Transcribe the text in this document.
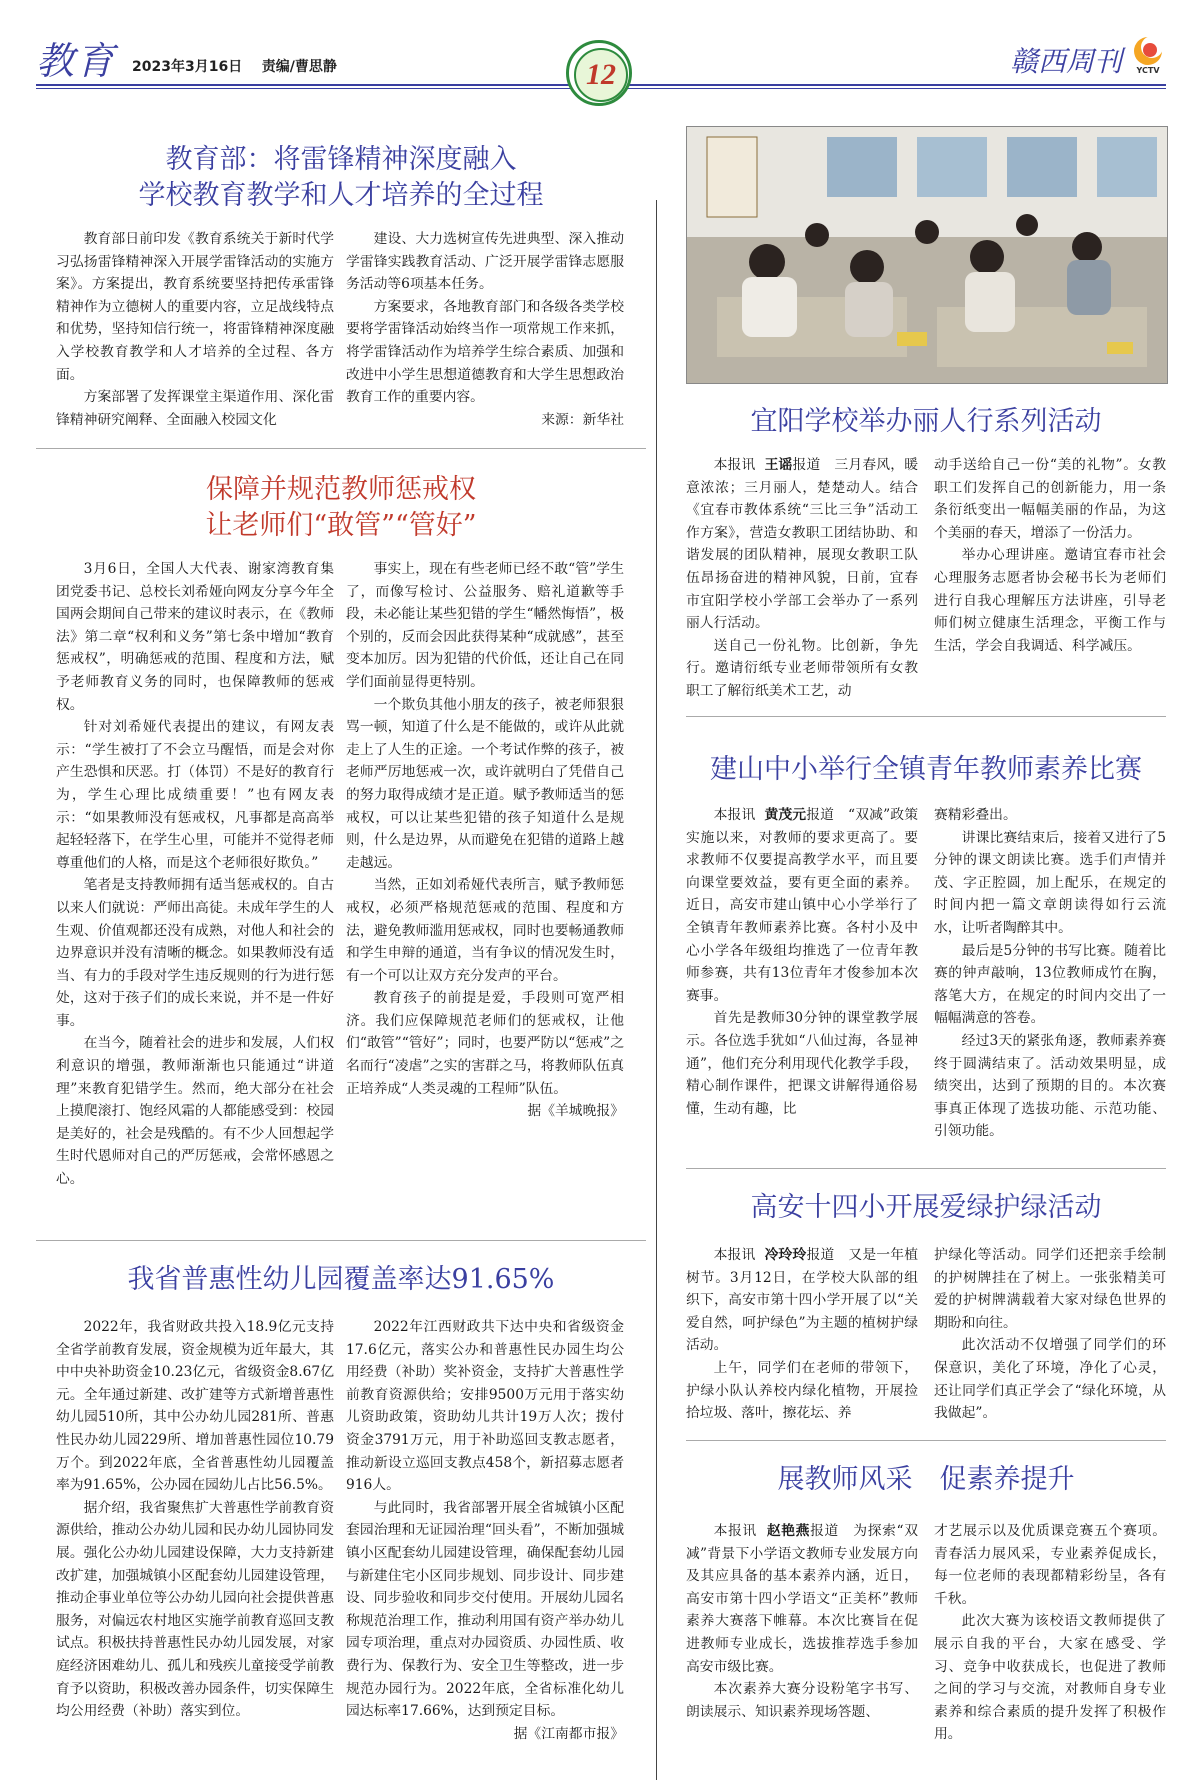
教育 2023年3月16日 责编/曹思静	12	赣西周刊	YCTV
教育部：将雷锋精神深度融入
学校教育教学和人才培养的全过程

教育部日前印发《教育系统关于新时代学习弘扬雷锋精神深入开展学雷锋活动的实施方案》。方案提出，教育系统要坚持把传承雷锋精神作为立德树人的重要内容，立足战线特点和优势，坚持知信行统一，将雷锋精神深度融入学校教育教学和人才培养的全过程、各方面。

方案部署了发挥课堂主渠道作用、深化雷锋精神研究阐释、全面融入校园文化

建设、大力选树宣传先进典型、深入推动学雷锋实践教育活动、广泛开展学雷锋志愿服务活动等6项基本任务。

方案要求，各地教育部门和各级各类学校要将学雷锋活动始终当作一项常规工作来抓，将学雷锋活动作为培养学生综合素质、加强和改进中小学生思想道德教育和大学生思想政治教育工作的重要内容。

来源：新华社

保障并规范教师惩戒权
让老师们“敢管”“管好”

3月6日，全国人大代表、谢家湾教育集团党委书记、总校长刘希娅向网友分享今年全国两会期间自己带来的建议时表示，在《教师法》第二章“权利和义务”第七条中增加“教育惩戒权”，明确惩戒的范围、程度和方法，赋予老师教育义务的同时，也保障教师的惩戒权。

针对刘希娅代表提出的建议，有网友表示：“学生被打了不会立马醒悟，而是会对你产生恐惧和厌恶。打（体罚）不是好的教育行为，学生心理比成绩重要！”也有网友表示：“如果教师没有惩戒权，凡事都是高高举起轻轻落下，在学生心里，可能并不觉得老师尊重他们的人格，而是这个老师很好欺负。”

笔者是支持教师拥有适当惩戒权的。自古以来人们就说：严师出高徒。未成年学生的人生观、价值观都还没有成熟，对他人和社会的边界意识并没有清晰的概念。如果教师没有适当、有力的手段对学生违反规则的行为进行惩处，这对于孩子们的成长来说，并不是一件好事。

在当今，随着社会的进步和发展，人们权利意识的增强，教师渐渐也只能通过“讲道理”来教育犯错学生。然而，绝大部分在社会上摸爬滚打、饱经风霜的人都能感受到：校园是美好的，社会是残酷的。有不少人回想起学生时代恩师对自己的严厉惩戒，会常怀感恩之心。

事实上，现在有些老师已经不敢“管”学生了，而像写检讨、公益服务、赔礼道歉等手段，未必能让某些犯错的学生“幡然悔悟”，极个别的，反而会因此获得某种“成就感”，甚至变本加厉。因为犯错的代价低，还让自己在同学们面前显得更特别。

一个欺负其他小朋友的孩子，被老师狠狠骂一顿，知道了什么是不能做的，或许从此就走上了人生的正途。一个考试作弊的孩子，被老师严厉地惩戒一次，或许就明白了凭借自己的努力取得成绩才是正道。赋予教师适当的惩戒权，可以让某些犯错的孩子知道什么是规则，什么是边界，从而避免在犯错的道路上越走越远。

当然，正如刘希娅代表所言，赋予教师惩戒权，必须严格规范惩戒的范围、程度和方法，避免教师滥用惩戒权，同时也要畅通教师和学生申辩的通道，当有争议的情况发生时，有一个可以让双方充分发声的平台。

教育孩子的前提是爱，手段则可宽严相济。我们应保障规范老师们的惩戒权，让他们“敢管”“管好”；同时，也要严防以“惩戒”之名而行“凌虐”之实的害群之马，将教师队伍真正培养成“人类灵魂的工程师”队伍。

据《羊城晚报》

我省普惠性幼儿园覆盖率达91.65%

2022年，我省财政共投入18.9亿元支持全省学前教育发展，资金规模为近年最大，其中中央补助资金10.23亿元，省级资金8.67亿元。全年通过新建、改扩建等方式新增普惠性幼儿园510所，其中公办幼儿园281所、普惠性民办幼儿园229所、增加普惠性园位10.79万个。到2022年底，全省普惠性幼儿园覆盖率为91.65%，公办园在园幼儿占比56.5%。

据介绍，我省聚焦扩大普惠性学前教育资源供给，推动公办幼儿园和民办幼儿园协同发展。强化公办幼儿园建设保障，大力支持新建改扩建，加强城镇小区配套幼儿园建设管理，推动企事业单位等公办幼儿园向社会提供普惠服务，对偏远农村地区实施学前教育巡回支教试点。积极扶持普惠性民办幼儿园发展，对家庭经济困难幼儿、孤儿和残疾儿童接受学前教育予以资助，积极改善办园条件，切实保障生均公用经费（补助）落实到位。

2022年江西财政共下达中央和省级资金17.6亿元，落实公办和普惠性民办园生均公用经费（补助）奖补资金，支持扩大普惠性学前教育资源供给；安排9500万元用于落实幼儿资助政策，资助幼儿共计19万人次；拨付资金3791万元，用于补助巡回支教志愿者，推动新设立巡回支教点458个，新招募志愿者916人。

与此同时，我省部署开展全省城镇小区配套园治理和无证园治理“回头看”，不断加强城镇小区配套幼儿园建设管理，确保配套幼儿园与新建住宅小区同步规划、同步设计、同步建设、同步验收和同步交付使用。开展幼儿园名称规范治理工作，推动利用国有资产举办幼儿园专项治理，重点对办园资质、办园性质、收费行为、保教行为、安全卫生等整改，进一步规范办园行为。2022年底，全省标准化幼儿园达标率17.66%，达到预定目标。

据《江南都市报》

宜阳学校举办丽人行系列活动

本报讯 王谣报道　三月春风，暖意浓浓；三月丽人，楚楚动人。结合《宜春市教体系统“三比三争”活动工作方案》，营造女教职工团结协助、和谐发展的团队精神，展现女教职工队伍昂扬奋进的精神风貌，日前，宜春市宜阳学校小学部工会举办了一系列丽人行活动。

送自己一份礼物。比创新，争先行。邀请衍纸专业老师带领所有女教职工了解衍纸美术工艺，动

动手送给自己一份“美的礼物”。女教职工们发挥自己的创新能力，用一条条衍纸变出一幅幅美丽的作品，为这个美丽的春天，增添了一份活力。

举办心理讲座。邀请宜春市社会心理服务志愿者协会秘书长为老师们进行自我心理解压方法讲座，引导老师们树立健康生活理念，平衡工作与生活，学会自我调适、科学减压。

建山中小举行全镇青年教师素养比赛

本报讯 黄茂元报道　“双减”政策实施以来，对教师的要求更高了。要求教师不仅要提高教学水平，而且要向课堂要效益，要有更全面的素养。近日，高安市建山镇中心小学举行了全镇青年教师素养比赛。各村小及中心小学各年级组均推选了一位青年教师参赛，共有13位青年才俊参加本次赛事。

首先是教师30分钟的课堂教学展示。各位选手犹如“八仙过海，各显神通”，他们充分利用现代化教学手段，精心制作课件，把课文讲解得通俗易懂，生动有趣，比

赛精彩叠出。

讲课比赛结束后，接着又进行了5分钟的课文朗读比赛。选手们声情并茂、字正腔圆，加上配乐，在规定的时间内把一篇文章朗读得如行云流水，让听者陶醉其中。

最后是5分钟的书写比赛。随着比赛的钟声敲响，13位教师成竹在胸，落笔大方，在规定的时间内交出了一幅幅满意的答卷。

经过3天的紧张角逐，教师素养赛终于圆满结束了。活动效果明显，成绩突出，达到了预期的目的。本次赛事真正体现了选拔功能、示范功能、引领功能。

高安十四小开展爱绿护绿活动

本报讯 冷玲玲报道　又是一年植树节。3月12日，在学校大队部的组织下，高安市第十四小学开展了以“关爱自然，呵护绿色”为主题的植树护绿活动。

上午，同学们在老师的带领下，护绿小队认养校内绿化植物，开展捡拾垃圾、落叶，擦花坛、养

护绿化等活动。同学们还把亲手绘制的护树牌挂在了树上。一张张精美可爱的护树牌满载着大家对绿色世界的期盼和向往。

此次活动不仅增强了同学们的环保意识，美化了环境，净化了心灵，还让同学们真正学会了“绿化环境，从我做起”。

展教师风采　促素养提升

本报讯 赵艳燕报道　为探索“双减”背景下小学语文教师专业发展方向及其应具备的基本素养内涵，近日，高安市第十四小学语文“正美杯”教师素养大赛落下帷幕。本次比赛旨在促进教师专业成长，选拔推荐选手参加高安市级比赛。

本次素养大赛分设粉笔字书写、朗读展示、知识素养现场答题、

才艺展示以及优质课竞赛五个赛项。青春活力展风采，专业素养促成长，每一位老师的表现都精彩纷呈，各有千秋。

此次大赛为该校语文教师提供了展示自我的平台，大家在感受、学习、竞争中收获成长，也促进了教师之间的学习与交流，对教师自身专业素养和综合素质的提升发挥了积极作用。
